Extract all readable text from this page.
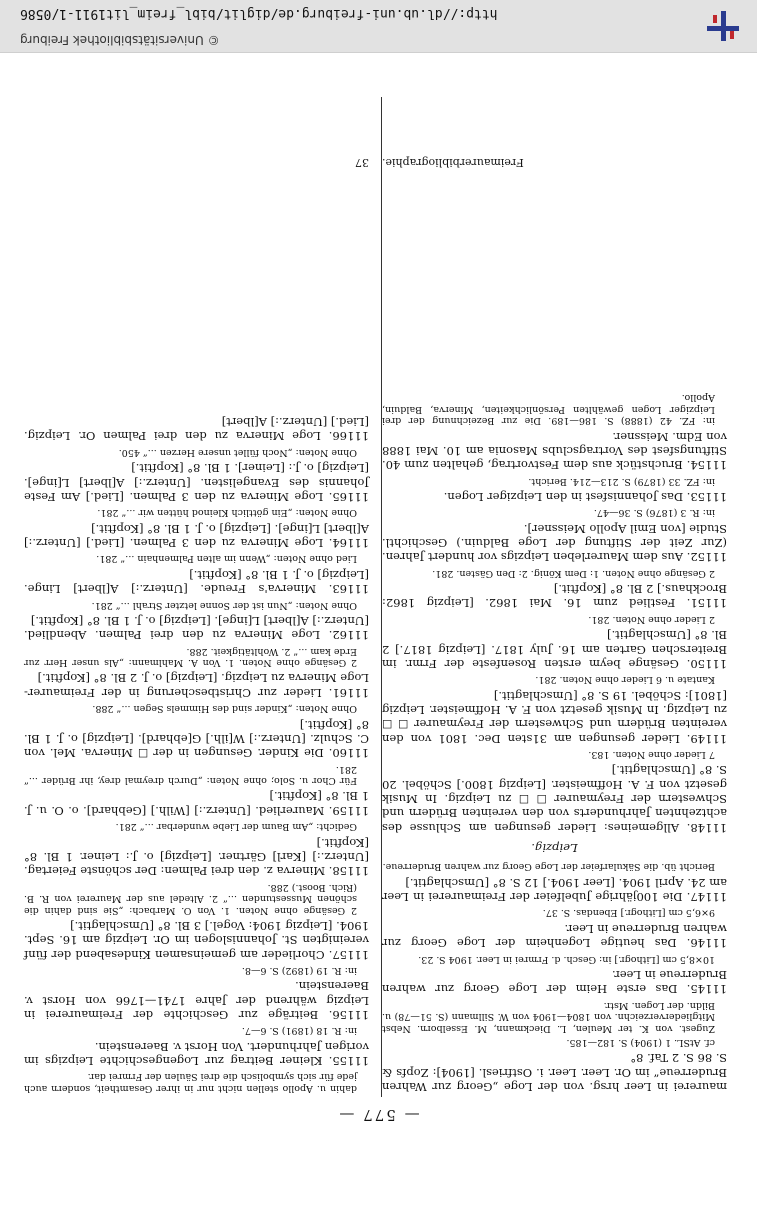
© Universitätsbibliothek Freiburg
http://dl.ub.uni-freiburg.de/diglit/bibl_freim_lit1911-1/0586
— 577 —

maurerei in Leer hrsg. von der Loge „Georg zur Wahren Bruderreue“ im Or. Leer. Leer. i. Ostfriesl. [1904]: Zopfs & S. 86 S. 2 Taf. 8°

cf. AtSL. 1 (1904) S. 182—185.

Zugest. von K. ter Meulen, L. Dieckmann, M. Esselborn. Nebst Mitgliederverzeichn. von 1804—1904 von W. Sillmann (S. 51—78) u. Bildn. der Logen. Mstr.

11145. Das erste Heim der Loge Georg zur wahren Bruderreue in Leer.

10×8,5 cm [Lithogr.] in: Gesch. d. Frmrei in Leer. 1904 S. 23.

11146. Das heutige Logenheim der Loge Georg zur wahren Bruderreue in Leer.

9×6,5 cm [Lithogr.] Ebendas. S. 37.

11147. Die 100jährige Jubelfeier der Freimaurerei in Leer am 24. April 1904. [Leer 1904.] 12 S. 8° [Umschlagtit.]

Bericht üb. die Säkularfeier der Loge Georg zur wahren Bruderreue.

Leipzig.

11148. Allgemeines: Lieder gesungen am Schlusse des achtzehnten Jahrhunderts von den vereinten Brüdern und Schwestern der Freymaurer ☐ ☐ zu Leipzig. In Musik gesetzt von F. A. Hoffmeister. [Leipzig 1800.] Schöbel. 20 S. 8° [Umschlagtit.]

7 Lieder ohne Noten. 183.

11149. Lieder gesungen am 31sten Dec. 1801 von den vereinten Brüdern und Schwestern der Freymaurer ☐ ☐ zu Leipzig. In Musik gesetzt von F. A. Hoffmeister. Leipzig [1801]: Schöbel. 19 S. 8° [Umschlagtit.]

Kantate u. 6 Lieder ohne Noten. 281.

11150. Gesänge beym ersten Rosenfeste der Frmr. im Breiterschen Garten am 16. July 1817. [Leipzig 1817.] 2 Bl. 8° [Umschlagtit.]

2 Lieder ohne Noten. 281.

11151. Festlied zum 16. Mai 1862. [Leipzig 1862: Brockhaus.] 2 Bl. 8° [Kopftit.]

2 Gesänge ohne Noten. 1: Dem König. 2: Den Gästen. 281.

11152. Aus dem Maurerleben Leipzigs vor hundert Jahren. (Zur Zeit der Stiftung der Loge Balduin.) Geschichtl. Studie [von Emil Apollo Meissner].

in: R. 3 (1876) S. 36—47.

11153. Das Johannisfest in den Leipziger Logen.

in: FZ. 33 (1879) S. 213—214. Bericht.

11154. Bruchstück aus dem Festvortrag, gehalten zum 40. Stiftungsfest des Vortragsclubs Masonia am 10. Mai 1888 von Edm. Meissner.

in: FZ. 42 (1888) S. 186—189. Die zur Bezeichnung der drei Leipziger Logen gewählten Persönlichkeiten, Minerva, Balduin, Apollo.

dahin u. Apollo stellen nicht nur in ihrer Gesamtheit, sondern auch jede für sich symbolisch die drei Säulen der Frmrei dar.

11155. Kleiner Beitrag zur Logengeschichte Leipzigs im vorigen Jahrhundert. Von Horst v. Baerenstein.

in: R. 18 (1891) S. 6—7.

11156. Beiträge zur Geschichte der Freimaurerei in Leipzig während der Jahre 1741—1766 von Horst v. Baerenstein.

in: R. 19 (1892) S. 6—8.

11157. Chorlieder am gemeinsamen Kindesabend der fünf vereinigten St. Johannislogen im Or. Leipzig am 16. Sept. 1904. [Leipzig 1904: Vogel.] 3 Bl. 8° [Umschlagtit.]

2 Gesänge ohne Noten. 1. Von O. Marbach: „Sie sind dahin die schönen Mussestunden ...“ 2. Altedel aus der Maurerei von R. B. (Rich. Boost.) 288.

11158. Minerva z. den drei Palmen: Der schönste Feiertag. [Unterz.:] [Karl] Gärtner. [Leipzig] o. J.: Leiner. 1 Bl. 8° [Kopftit.]

Gedicht: „Am Baum der Liebe wunderbar ...“ 281.

11159. Maurerlied. [Unterz.:] [Wilh.] [Gebhard]. o. O. u. J. 1 Bl. 8° [Kopftit.]

Für Chor u. Solo; ohne Noten: „Durch dreymal drey, ihr Brüder ...“ 281.

11160. Die Kinder. Gesungen in der ☐ Minerva. Mel. von C. Schulz. [Unterz.:] W[ilh.] G[ebhard]. [Leipzig] o. J. 1 Bl. 8° [Kopftit.]

Ohne Noten: „Kinder sind des Himmels Segen ...“ 288.

11161. Lieder zur Christbescherung in der Freimaurer-Loge Minerva zu Leipzig. [Leipzig] o. J. 2 Bl. 8° [Kopftit.]

2 Gesänge ohne Noten. 1. Von A. Mahlmann: „Als unser Herr zur Erde kam ...“ 2. Wohltätigkeit. 288.

11162. Loge Minerva zu den drei Palmen. Abendlied. [Unterz.:] A[lbert] L[inge]. [Leipzig] o. J. 1 Bl. 8° [Kopftit.]

Ohne Noten: „Nun ist der Sonne letzter Strahl ...“ 281.

11163. Minerva's Freude. [Unterz.:] A[lbert] Linge. [Leipzig] o. J. 1 Bl. 8° [Kopftit.]

Lied ohne Noten: „Wenn im alten Palmenhain ...“ 281.

11164. Loge Minerva zu den 3 Palmen. [Lied.] [Unterz.:] A[lbert] L[inge]. [Leipzig] o. J. 1 Bl. 8° [Kopftit.]

Ohne Noten: „Ein göttlich Kleinod hütten wir ...“ 281.

11165. Loge Minerva zu den 3 Palmen. [Lied.] Am Feste Johannis des Evangelisten. [Unterz.:] A[lbert] L[inge]. [Leipzig] o. J.: [Leiner]. 1 Bl. 8° [Kopftit.]

Ohne Noten: „Noch füllet unsere Herzen ...“ 450.

11166. Loge Minerva zu den drei Palmen Or. Leipzig. [Lied.] [Unterz.:] A[lbert]

Freimaurerbibliographie.
37
